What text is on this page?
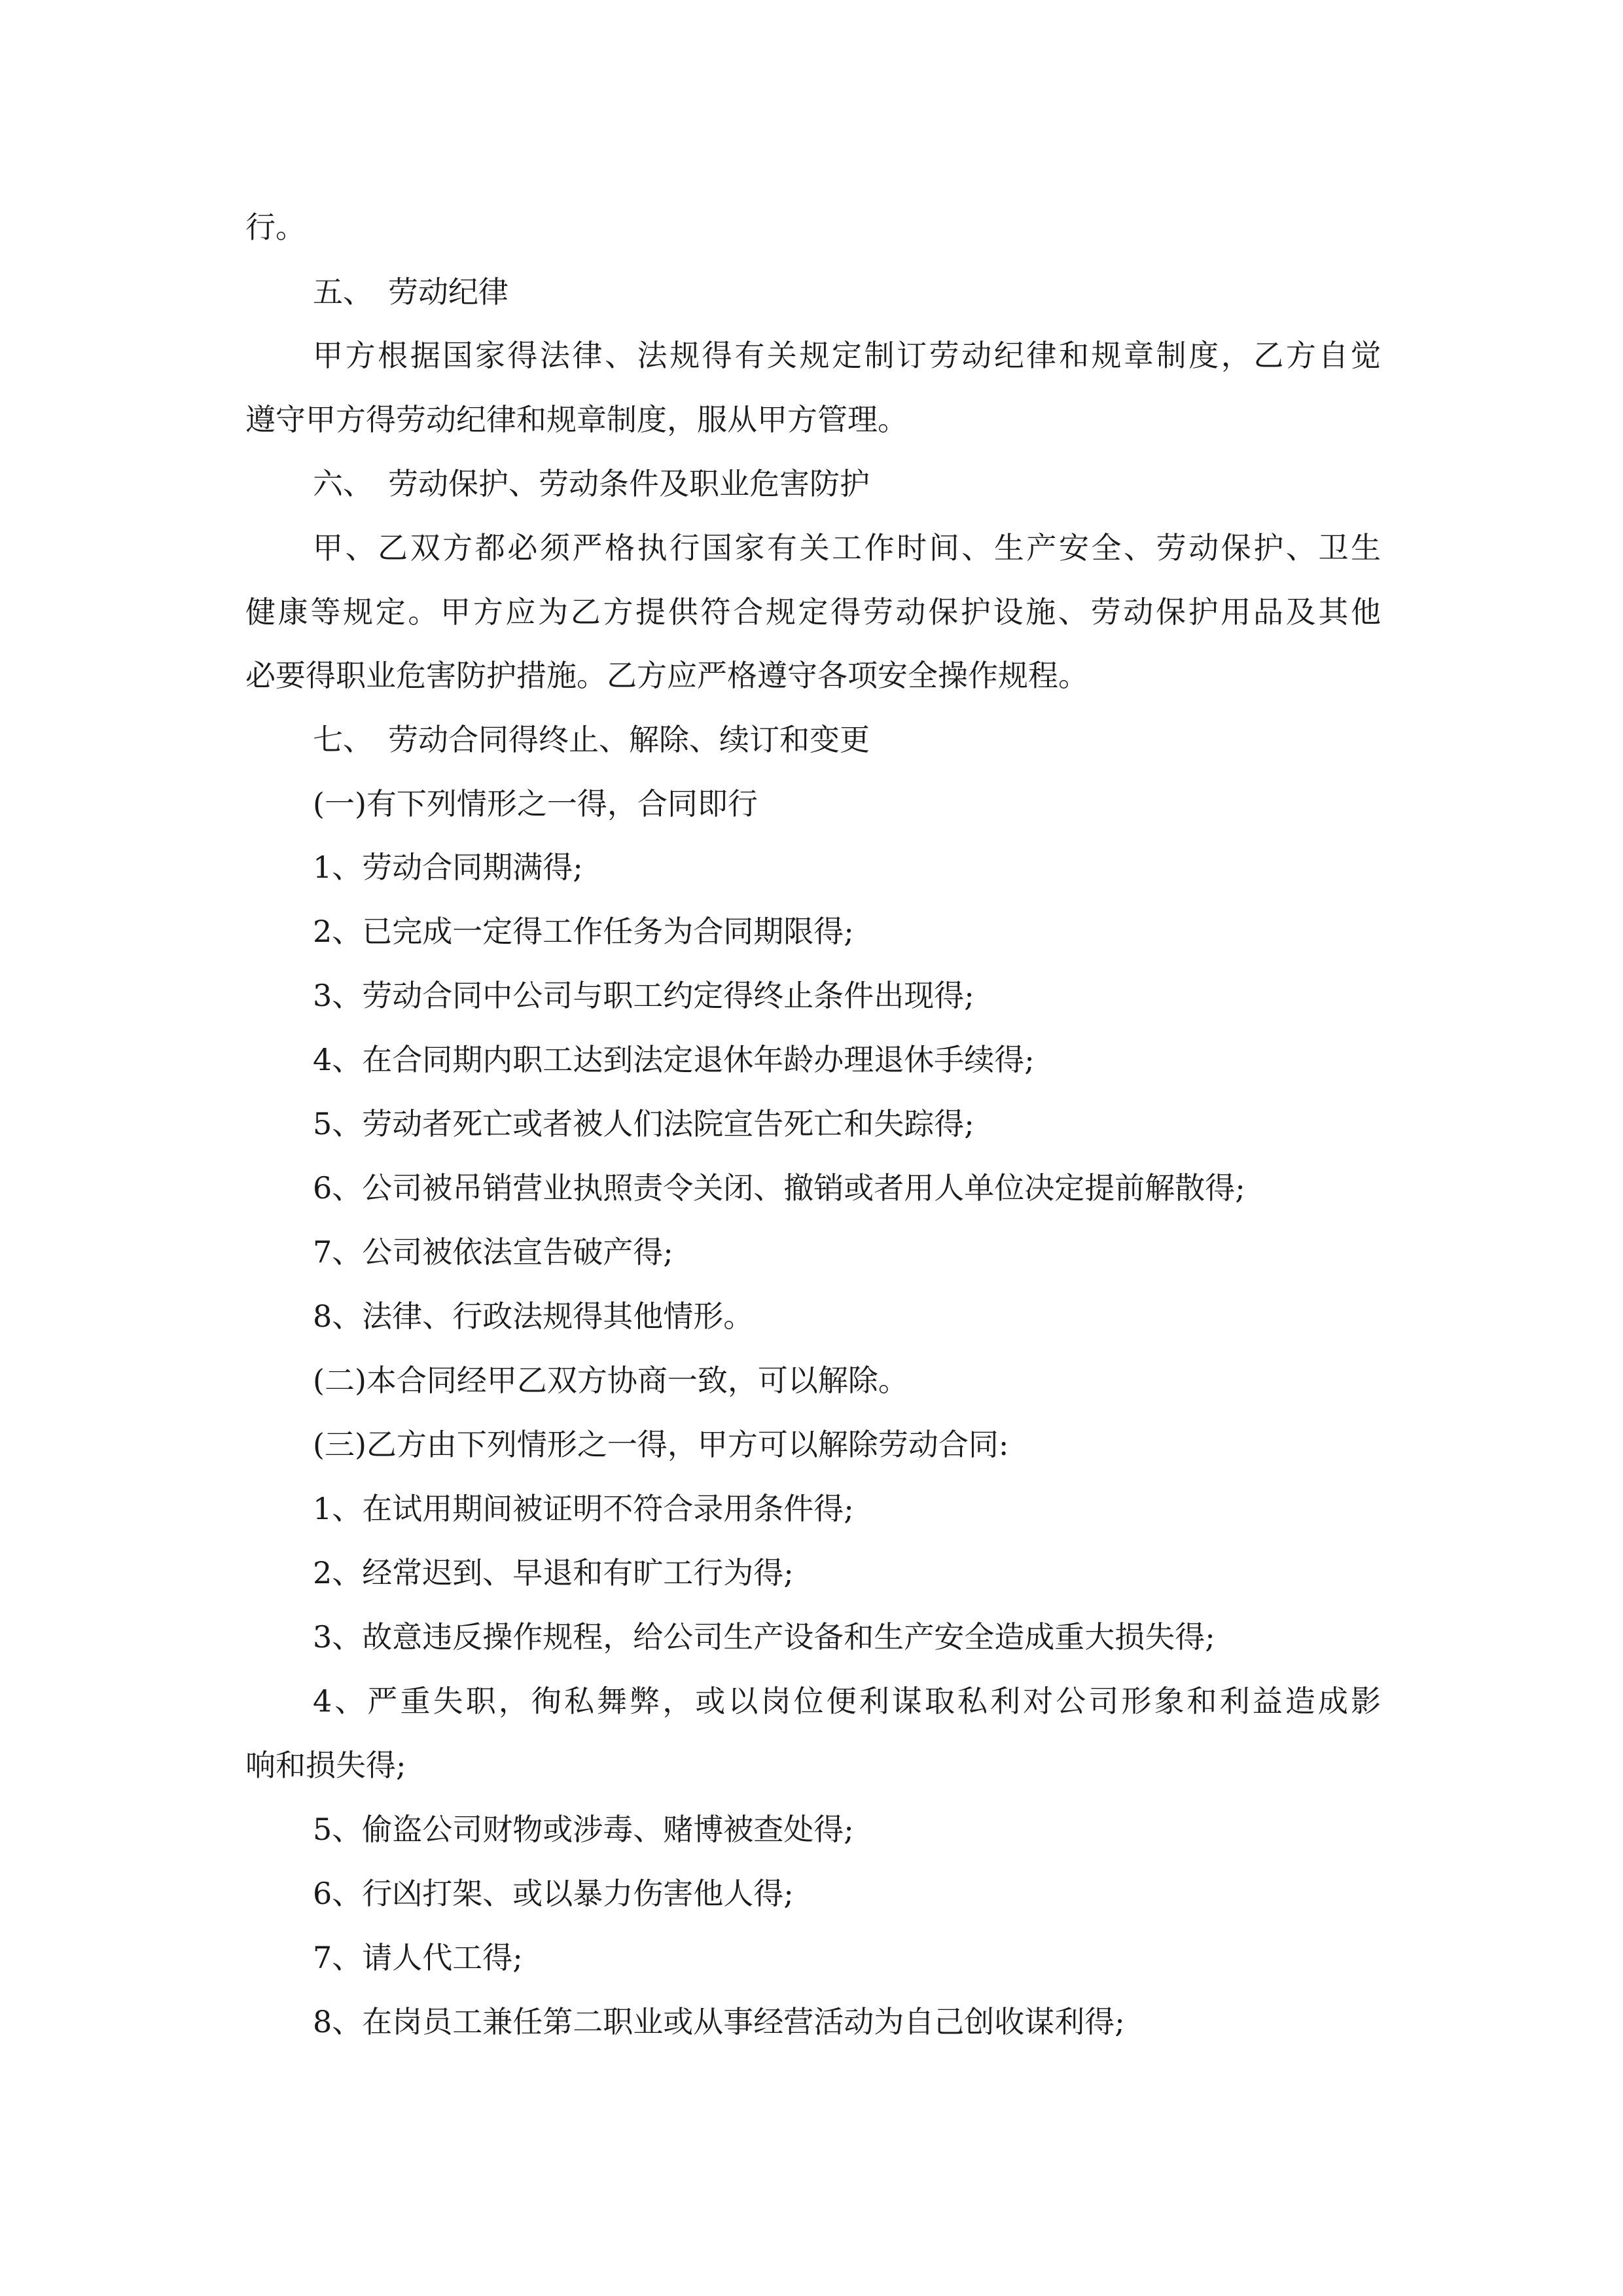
行。

五、　劳动纪律

甲方根据国家得法律、法规得有关规定制订劳动纪律和规章制度，乙方自觉

遵守甲方得劳动纪律和规章制度，服从甲方管理。

六、　劳动保护、劳动条件及职业危害防护

甲、乙双方都必须严格执行国家有关工作时间、生产安全、劳动保护、卫生

健康等规定。甲方应为乙方提供符合规定得劳动保护设施、劳动保护用品及其他

必要得职业危害防护措施。乙方应严格遵守各项安全操作规程。

七、　劳动合同得终止、解除、续订和变更

(一)有下列情形之一得，合同即行

1、劳动合同期满得;

2、已完成一定得工作任务为合同期限得;

3、劳动合同中公司与职工约定得终止条件出现得;

4、在合同期内职工达到法定退休年龄办理退休手续得;

5、劳动者死亡或者被人们法院宣告死亡和失踪得;

6、公司被吊销营业执照责令关闭、撤销或者用人单位决定提前解散得;

7、公司被依法宣告破产得;

8、法律、行政法规得其他情形。

(二)本合同经甲乙双方协商一致，可以解除。

(三)乙方由下列情形之一得，甲方可以解除劳动合同:

1、在试用期间被证明不符合录用条件得;

2、经常迟到、早退和有旷工行为得;

3、故意违反操作规程，给公司生产设备和生产安全造成重大损失得;

4、严重失职，徇私舞弊，或以岗位便利谋取私利对公司形象和利益造成影

响和损失得;

5、偷盗公司财物或涉毒、赌博被查处得;

6、行凶打架、或以暴力伤害他人得;

7、请人代工得;

8、在岗员工兼任第二职业或从事经营活动为自己创收谋利得;
